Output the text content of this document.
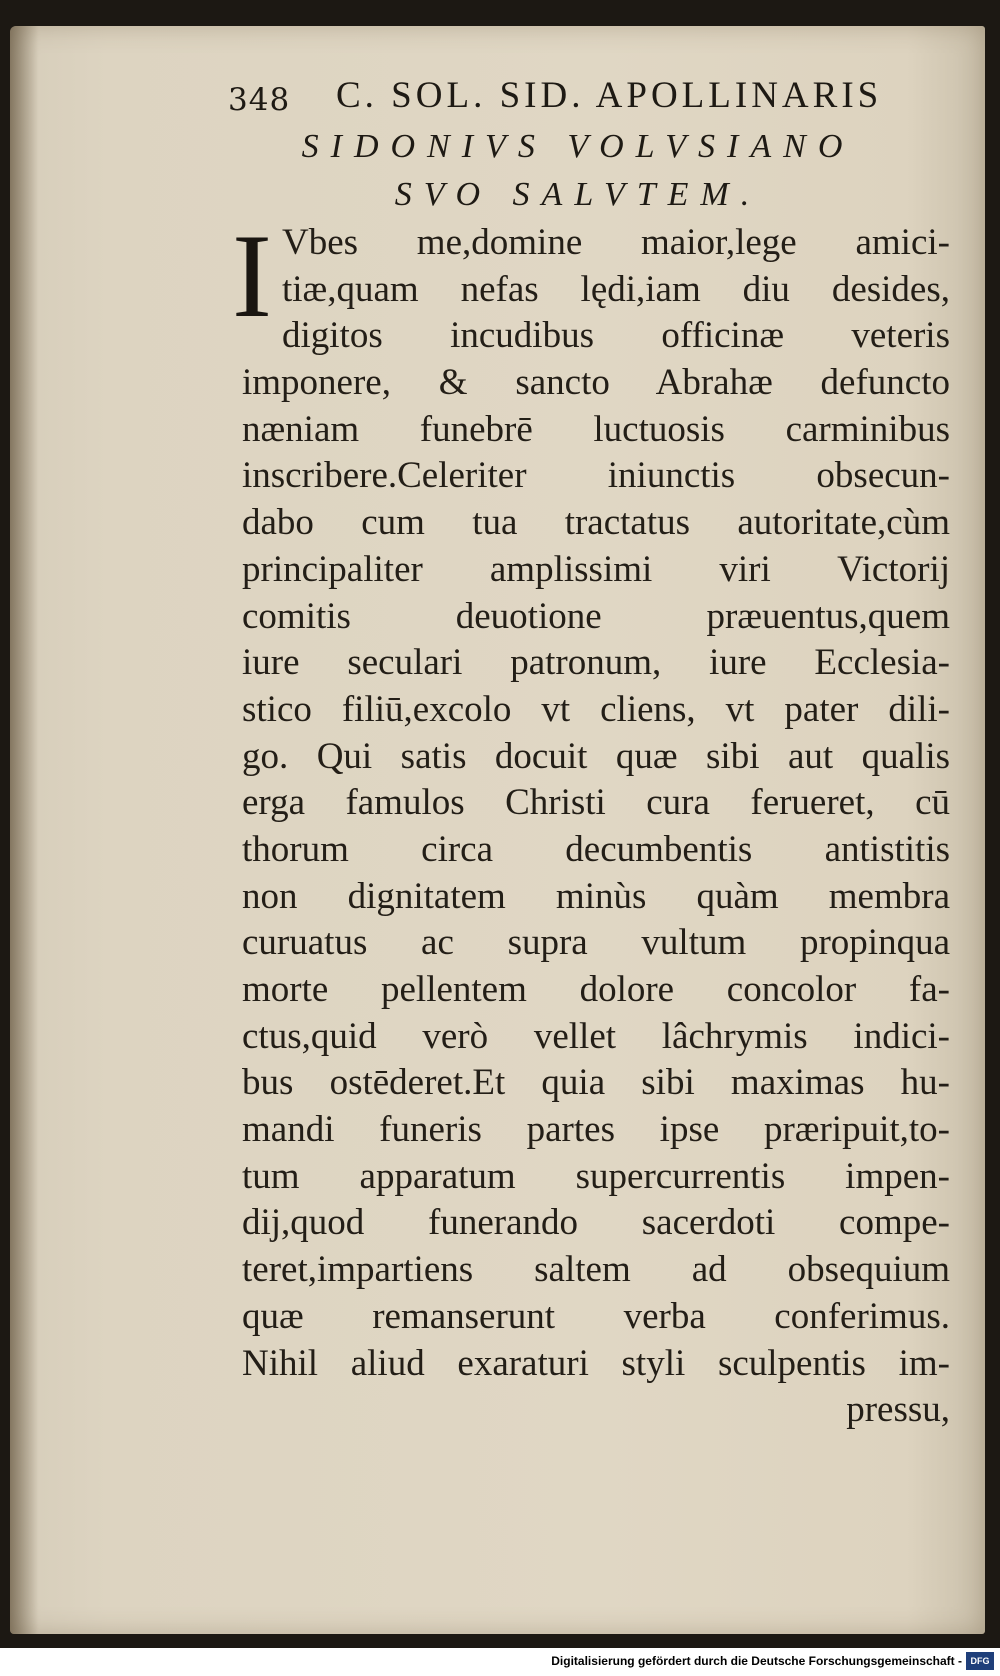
348 C. SOL. SID. APOLLINARIS
SIDONIVS VOLVSIANO
SVO SALVTEM.
I Vbes me,domine maior,lege amici-
tiæ,quam nefas lędi,iam diu desides,
digitos incudibus officinæ veteris
imponere, & sancto Abrahæ defuncto
næniam funebrē luctuosis carminibus
inscribere.Celeriter iniunctis obsecun-
dabo cum tua tractatus autoritate,cùm
principaliter amplissimi viri Victorij
comitis deuotione præuentus,quem
iure seculari patronum, iure Ecclesia-
stico filiū,excolo vt cliens, vt pater dili-
go. Qui satis docuit quæ sibi aut qualis
erga famulos Christi cura ferueret, cū
thorum circa decumbentis antistitis
non dignitatem minùs quàm membra
curuatus ac supra vultum propinqua
morte pellentem dolore concolor fa-
ctus,quid verò vellet lâchrymis indici-
bus ostēderet.Et quia sibi maximas hu-
mandi funeris partes ipse præripuit,to-
tum apparatum supercurrentis impen-
dij,quod funerando sacerdoti compe-
teret,impartiens saltem ad obsequium
quæ remanserunt verba conferimus.
Nihil aliud exaraturi styli sculpentis im-
pressu,
Digitalisierung gefördert durch die Deutsche Forschungsgemeinschaft - DFG
